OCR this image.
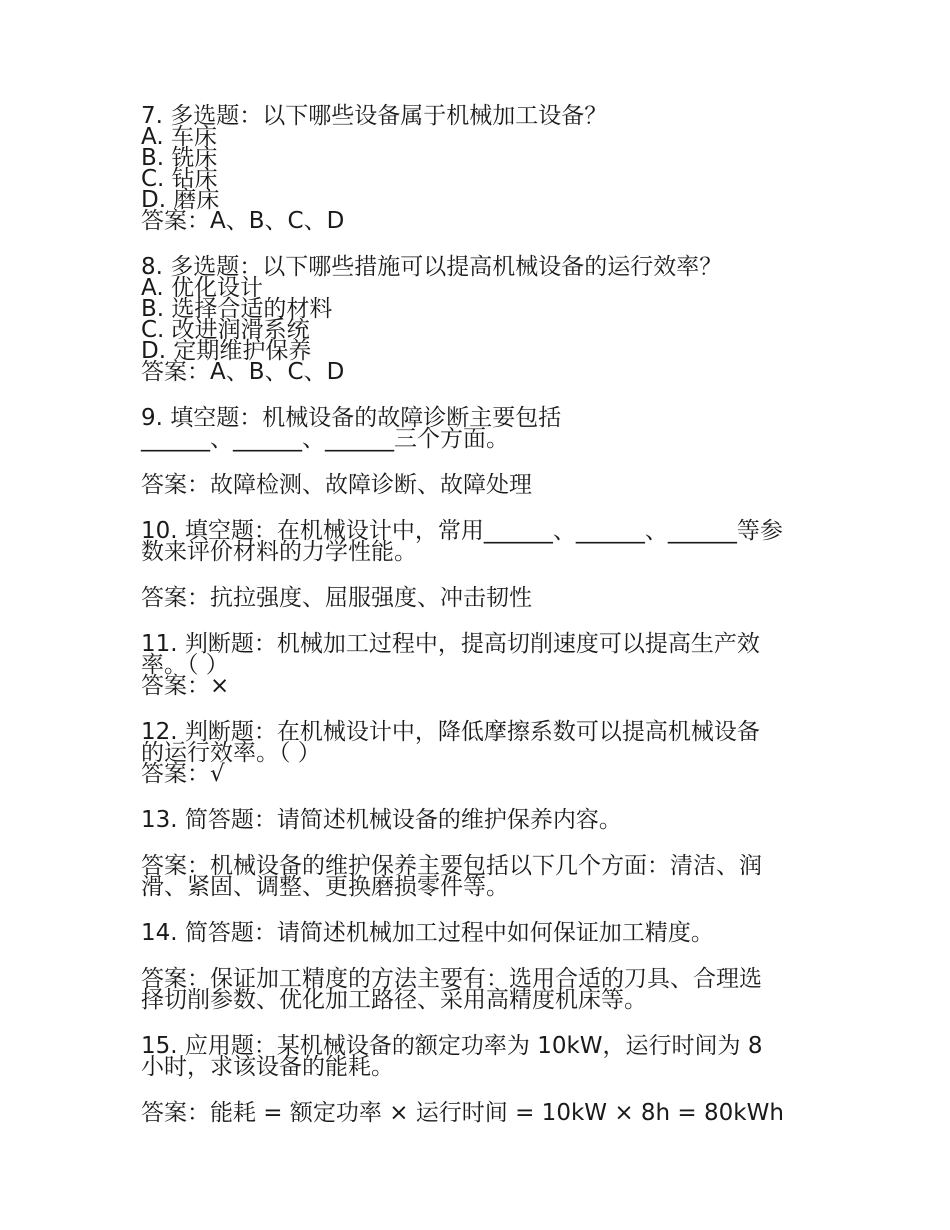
7. 多选题：以下哪些设备属于机械加工设备？
A. 车床
B. 铣床
C. 钻床
D. 磨床
答案：A、B、C、D
8. 多选题：以下哪些措施可以提高机械设备的运行效率？
A. 优化设计
B. 选择合适的材料
C. 改进润滑系统
D. 定期维护保养
答案：A、B、C、D
9. 填空题：机械设备的故障诊断主要包括
______、______、______三个方面。
答案：故障检测、故障诊断、故障处理
10. 填空题：在机械设计中，常用______、______、______等参
数来评价材料的力学性能。
答案：抗拉强度、屈服强度、冲击韧性
11. 判断题：机械加工过程中，提高切削速度可以提高生产效
率。（ ）
答案：×
12. 判断题：在机械设计中，降低摩擦系数可以提高机械设备
的运行效率。（ ）
答案：√
13. 简答题：请简述机械设备的维护保养内容。
答案：机械设备的维护保养主要包括以下几个方面：清洁、润
滑、紧固、调整、更换磨损零件等。
14. 简答题：请简述机械加工过程中如何保证加工精度。
答案：保证加工精度的方法主要有：选用合适的刀具、合理选
择切削参数、优化加工路径、采用高精度机床等。
15. 应用题：某机械设备的额定功率为 10kW，运行时间为 8
小时，求该设备的能耗。
答案：能耗 = 额定功率 × 运行时间 = 10kW × 8h = 80kWh
